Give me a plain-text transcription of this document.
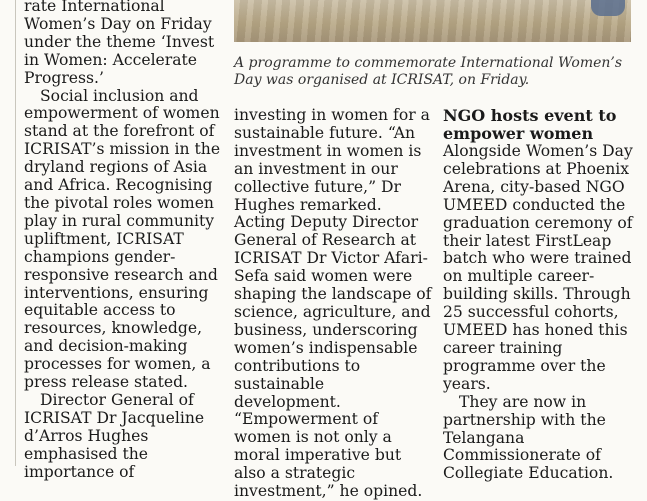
rate International Women’s Day on Friday under the theme ‘Invest in Women: Accelerate Progress.’

Social inclusion and empowerment of women stand at the forefront of ICRISAT’s mission in the dryland regions of Asia and Africa. Recognising the pivotal roles women play in rural community upliftment, ICRISAT champions gender-responsive research and interventions, ensuring equitable access to resources, knowledge, and decision-making processes for women, a press release stated.

Director General of ICRISAT Dr Jacqueline d’Arros Hughes emphasised the importance of

A programme to commemorate International Women’s Day was organised at ICRISAT, on Friday.

investing in women for a sustainable future. “An investment in women is an investment in our collective future,” Dr Hughes remarked. Acting Deputy Director General of Research at ICRISAT Dr Victor Afari-Sefa said women were shaping the landscape of science, agriculture, and business, underscoring women’s indispensable contributions to sustainable development. “Empowerment of women is not only a moral imperative but also a strategic investment,” he opined.

NGO hosts event to empower women

Alongside Women’s Day celebrations at Phoenix Arena, city-based NGO UMEED conducted the graduation ceremony of their latest FirstLeap batch who were trained on multiple career-building skills. Through 25 successful cohorts, UMEED has honed this career training programme over the years.

They are now in partnership with the Telangana Commissionerate of Collegiate Education.
